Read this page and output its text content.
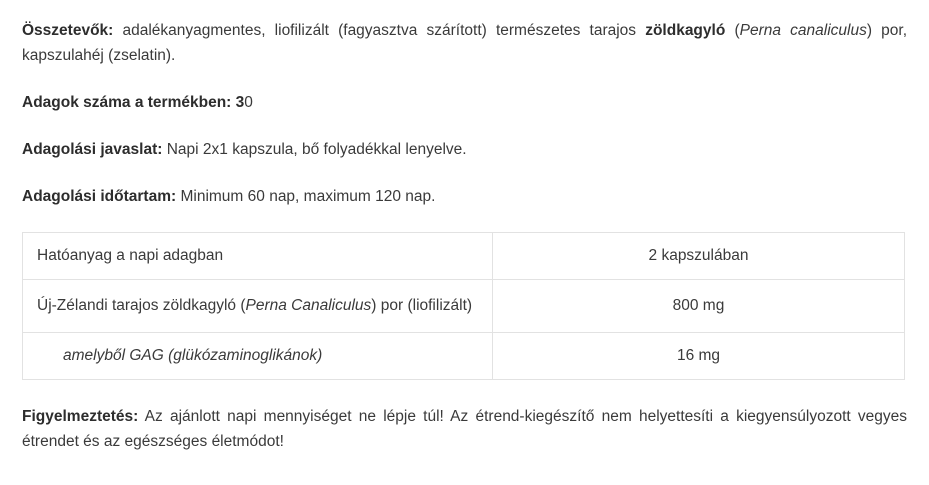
Összetevők: adalékanyagmentes, liofilizált (fagyasztva szárított) természetes tarajos zöldkagyló (Perna canaliculus) por, kapszulahéj (zselatin).

Adagok száma a termékben: 30

Adagolási javaslat: Napi 2x1 kapszula, bő folyadékkal lenyelve.

Adagolási időtartam: Minimum 60 nap, maximum 120 nap.

Hatóanyag a napi adagban	2 kapszulában
Új-Zélandi tarajos zöldkagyló (Perna Canaliculus) por (liofilizált)	800 mg
amelyből GAG (glükózaminoglikánok)	16 mg

Figyelmeztetés: Az ajánlott napi mennyiséget ne lépje túl! Az étrend-kiegészítő nem helyettesíti a kiegyensúlyozott vegyes étrendet és az egészséges életmódot!
